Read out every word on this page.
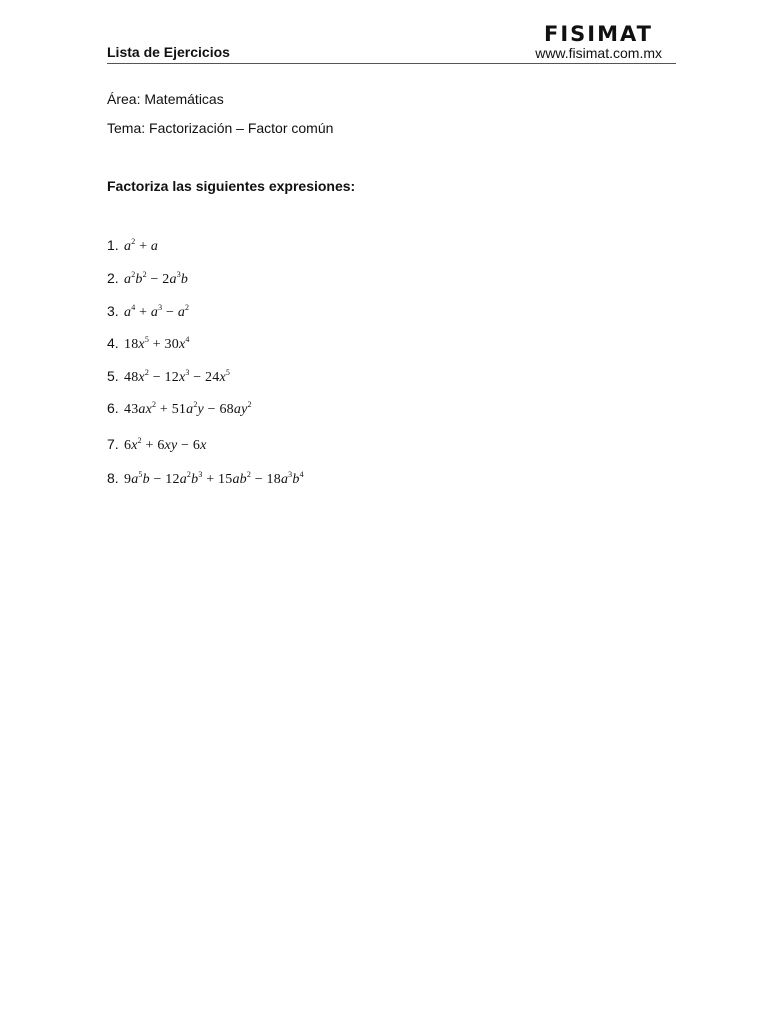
FISIMAT
Lista de Ejercicios	www.fisimat.com.mx
Área: Matemáticas
Tema: Factorización – Factor común
Factoriza las siguientes expresiones:
1. $a^2 + a$
2. $a^2b^2 - 2a^3b$
3. $a^4 + a^3 - a^2$
4. $18x^5 + 30x^4$
5. $48x^2 - 12x^3 - 24x^5$
6. $43ax^2 + 51a^2y - 68ay^2$
7. $6x^2 + 6xy - 6x$
8. $9a^5b - 12a^2b^3 + 15ab^2 - 18a^3b^4$
